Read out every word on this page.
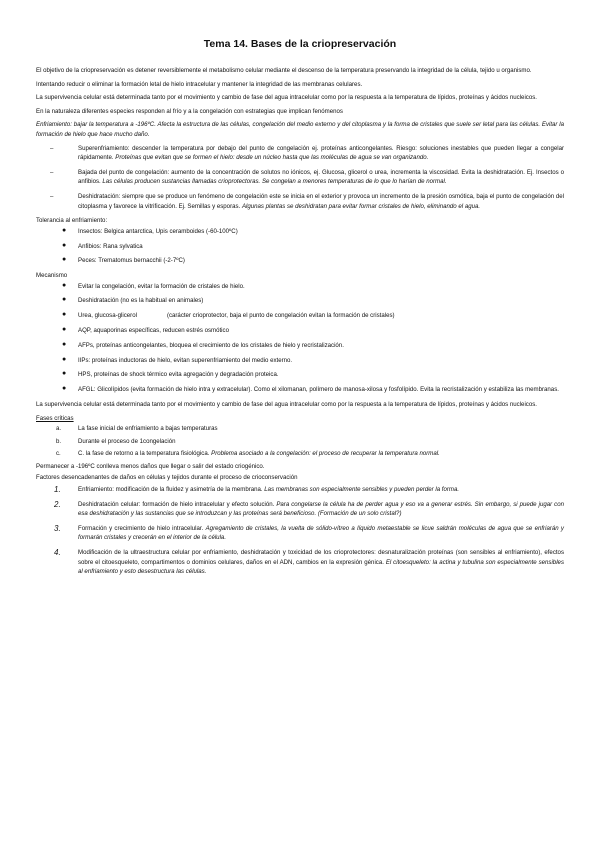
Tema 14. Bases de la criopreservación

El objetivo de la criopreservación es detener reversiblemente el metabolismo celular mediante el descenso de la temperatura preservando la integridad de la célula, tejido u organismo.

Intentando reducir o eliminar la formación letal de hielo intracelular y mantener la integridad de las membranas celulares.

La supervivencia celular está determinada tanto por el movimiento y cambio de fase del agua intracelular como por la respuesta a la temperatura de lípidos, proteínas y ácidos nucleicos.

En la naturaleza diferentes especies responden al frío y a la congelación con estrategias que implican fenómenos

Enfriamiento: bajar la temperatura a -196ºC. Afecta la estructura de las células, congelación del medio externo y del citoplasma y la forma de cristales que suele ser letal para las células. Evitar la formación de hielo que hace mucho daño.

–	Superenfriamiento: descender la temperatura por debajo del punto de congelación ej. proteínas anticongelantes. Riesgo: soluciones inestables que pueden llegar a congelar rápidamente. Proteínas que evitan que se formen el hielo: desde un núcleo hasta que las moléculas de agua se van organizando.
–	Bajada del punto de congelación: aumento de la concentración de solutos no iónicos, ej. Glucosa, glicerol o urea, incrementa la viscosidad. Evita la deshidratación. Ej. Insectos o anfibios. Las células producen sustancias llamadas crioprotectoras. Se congelan a menores temperaturas de lo que lo harían de normal.
–	Deshidratación: siempre que se produce un fenómeno de congelación este se inicia en el exterior y provoca un incremento de la presión osmótica, baja el punto de congelación del citoplasma y favorece la vitrificación. Ej. Semillas y esporas. Algunas plantas se deshidratan para evitar formar cristales de hielo, eliminando el agua.

Tolerancia al enfriamiento:

● Insectos: Belgica antarctica, Upis ceramboides (-60-100ºC)
● Anfibios: Rana sylvatica
● Peces: Trematomus bernacchii (-2-7ºC)

Mecanismo

● Evitar la congelación, evitar la formación de cristales de hielo.
● Deshidratación (no es la habitual en animales)
● Urea, glucosa-glicerol	(carácter crioprotector, baja el punto de congelación evitan la formación de cristales)
● AQP, aquaporinas específicas, reducen estrés osmótico
● AFPs, proteínas anticongelantes, bloquea el crecimiento de los cristales de hielo y recristalización.
● IIPs: proteínas inductoras de hielo, evitan superenfriamiento del medio externo.
● HPS, proteínas de shock térmico evita agregación y degradación proteica.
● AFGL: Glicolípidos (evita formación de hielo intra y extracelular). Como el xilomanan, polímero de manosa-xilosa y fosfolípido. Evita la recristalización y estabiliza las membranas.

La supervivencia celular está determinada tanto por el movimiento y cambio de fase del agua intracelular como por la respuesta a la temperatura de lípidos, proteínas y ácidos nucleicos.

Fases críticas

a.	La fase inicial de enfriamiento a bajas temperaturas
b.	Durante el proceso de 1congelación
c.	C. la fase de retorno a la temperatura fisiológica. Problema asociado a la congelación: el proceso de recuperar la temperatura normal.

Permanecer a -196ºC conlleva menos daños que llegar o salir del estado criogénico.

Factores desencadenantes de daños en células y tejidos durante el proceso de crioconservación

1.	Enfriamiento: modificación de la fluidez y asimetría de la membrana. Las membranas son especialmente sensibles y pueden perder la forma.
2.	Deshidratación celular: formación de hielo intracelular y efecto solución. Para congelarse la célula ha de perder agua y eso va a generar estrés. Sin embargo, si puede jugar con esa deshidratación y las sustancias que se introduzcan y las proteínas será beneficioso. (Formación de un solo cristal?)
3.	Formación y crecimiento de hielo intracelular. Agregamiento de cristales, la vuelta de sólido-vítreo a líquido metaestable se licue saldrán moléculas de agua que se enfriarán y formarán cristales y crecerán en el interior de la célula.
4.	Modificación de la ultraestructura celular por enfriamiento, deshidratación y toxicidad de los crioprotectores: desnaturalización proteínas (son sensibles al enfriamiento), efectos sobre el citoesqueleto, compartimentos o dominios celulares, daños en el ADN, cambios en la expresión génica. El citoesqueleto: la actina y tubulina son especialmente sensibles al enfriamiento y esto desestructura las células.
